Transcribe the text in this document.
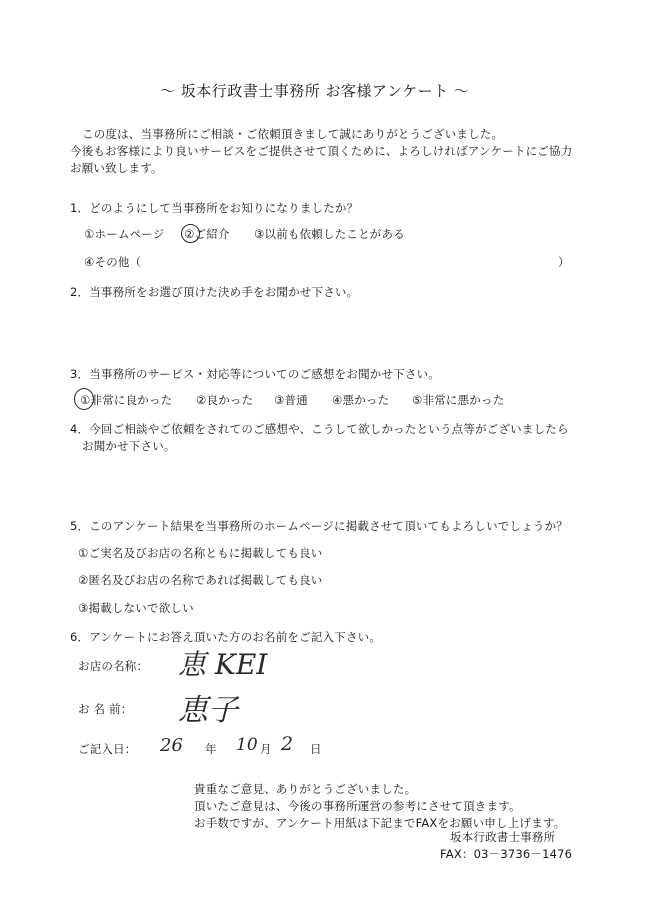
〜 坂本行政書士事務所 お客様アンケート 〜
この度は、当事務所にご相談・ご依頼頂きまして誠にありがとうございました。
今後もお客様により良いサービスをご提供させて頂くために、よろしければアンケートにご協力
お願い致します。
1．どのようにして当事務所をお知りになりましたか？
①ホームページ ②ご紹介 ③以前も依頼したことがある
④その他（	）
2．当事務所をお選び頂けた決め手をお聞かせ下さい。
3．当事務所のサービス・対応等についてのご感想をお聞かせ下さい。
①非常に良かった ②良かった ③普通 ④悪かった ⑤非常に悪かった
4．今回ご相談やご依頼をされてのご感想や、こうして欲しかったという点等がございましたら
お聞かせ下さい。
5．このアンケート結果を当事務所のホームページに掲載させて頂いてもよろしいでしょうか？
①ご実名及びお店の名称ともに掲載しても良い
②匿名及びお店の名称であれば掲載しても良い
③掲載しないで欲しい
6．アンケートにお答え頂いた方のお名前をご記入下さい。
お店の名称： 恵 KEI
お 名 前： 恵子
ご記入日： 26 年 10 月 2 日
貴重なご意見、ありがとうございました。
頂いたご意見は、今後の事務所運営の参考にさせて頂きます。
お手数ですが、アンケート用紙は下記までFAXをお願い申し上げます。
坂本行政書士事務所
FAX：03－3736－1476
